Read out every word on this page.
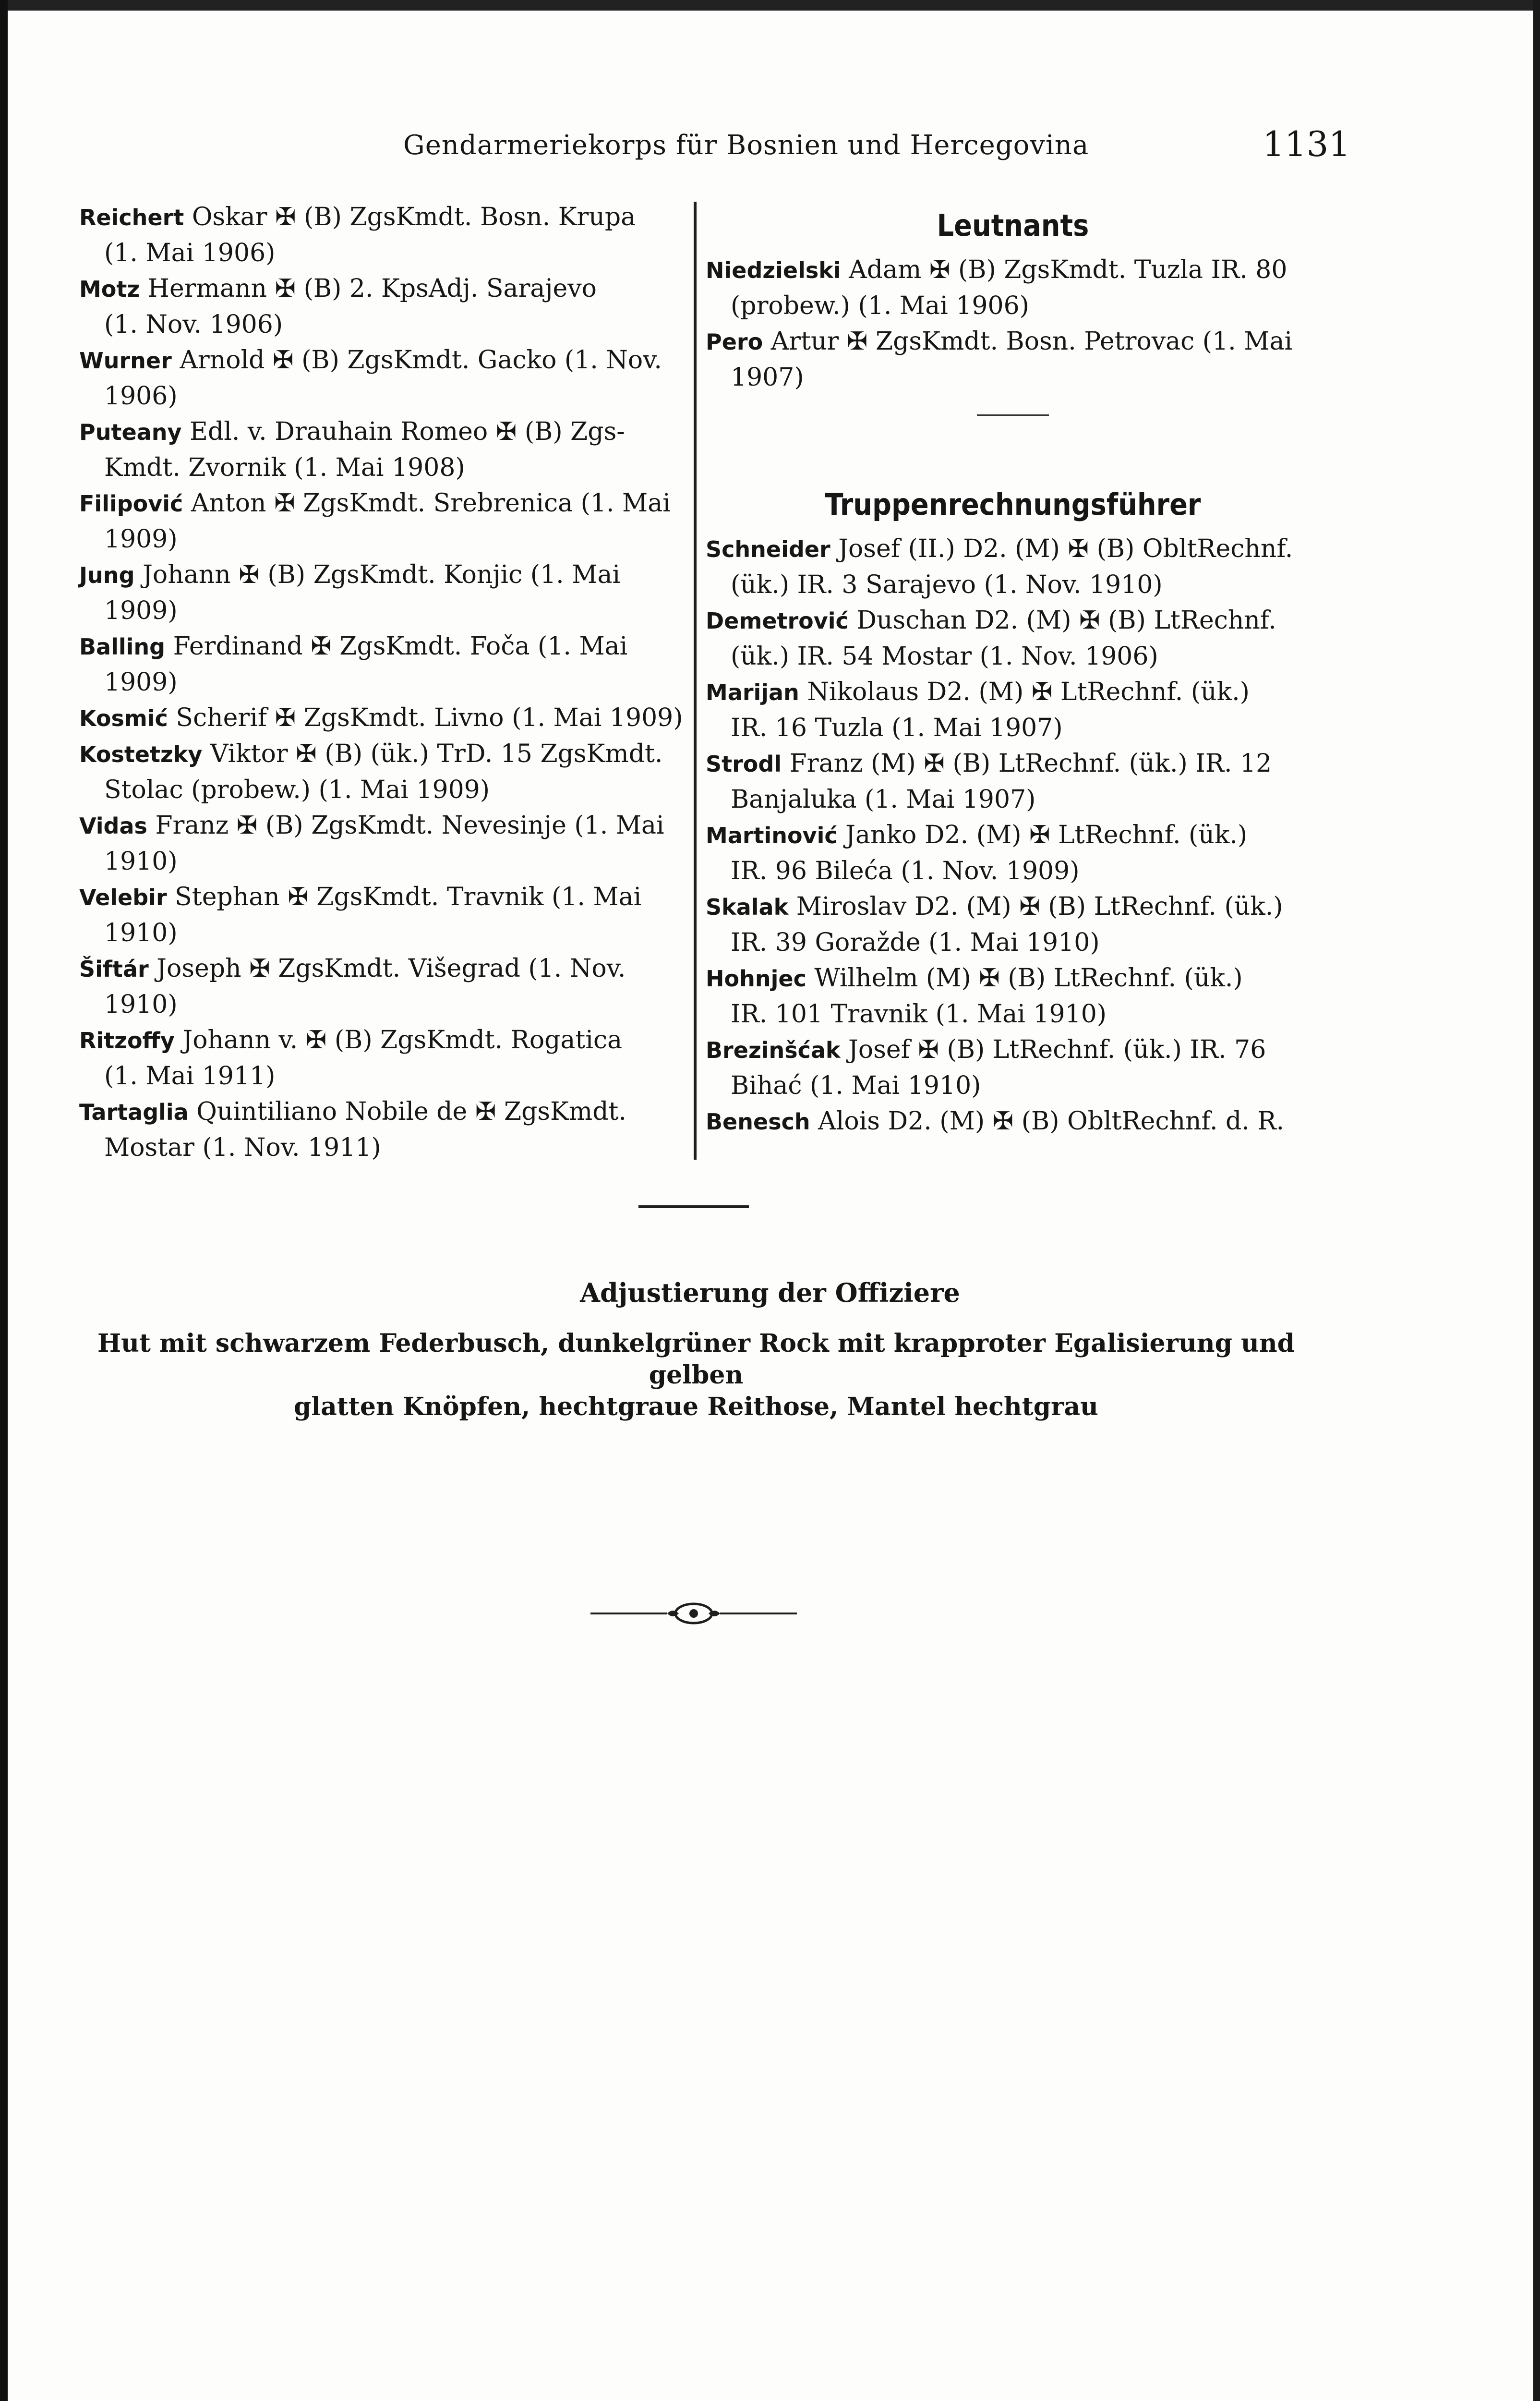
Gendarmeriekorps für Bosnien und Hercegovina	1131
Reichert Oskar ✠ (B) ZgsKmdt. Bosn. Krupa
(1. Mai 1906)
Motz Hermann ✠ (B) 2. KpsAdj. Sarajevo
(1. Nov. 1906)
Wurner Arnold ✠ (B) ZgsKmdt. Gacko (1. Nov.
1906)
Puteany Edl. v. Drauhain Romeo ✠ (B) Zgs-
Kmdt. Zvornik (1. Mai 1908)
Filipović Anton ✠ ZgsKmdt. Srebrenica (1. Mai
1909)
Jung Johann ✠ (B) ZgsKmdt. Konjic (1. Mai
1909)
Balling Ferdinand ✠ ZgsKmdt. Foča (1. Mai
1909)
Kosmić Scherif ✠ ZgsKmdt. Livno (1. Mai 1909)
Kostetzky Viktor ✠ (B) (ük.) TrD. 15 ZgsKmdt.
Stolac (probew.) (1. Mai 1909)
Vidas Franz ✠ (B) ZgsKmdt. Nevesinje (1. Mai
1910)
Velebir Stephan ✠ ZgsKmdt. Travnik (1. Mai
1910)
Šiftár Joseph ✠ ZgsKmdt. Višegrad (1. Nov.
1910)
Ritzoffy Johann v. ✠ (B) ZgsKmdt. Rogatica
(1. Mai 1911)
Tartaglia Quintiliano Nobile de ✠ ZgsKmdt.
Mostar (1. Nov. 1911)
Leutnants
Niedzielski Adam ✠ (B) ZgsKmdt. Tuzla IR. 80
(probew.) (1. Mai 1906)
Pero Artur ✠ ZgsKmdt. Bosn. Petrovac (1. Mai
1907)
Truppenrechnungsführer
Schneider Josef (II.) D2. (M) ✠ (B) ObltRechnf.
(ük.) IR. 3 Sarajevo (1. Nov. 1910)
Demetrović Duschan D2. (M) ✠ (B) LtRechnf.
(ük.) IR. 54 Mostar (1. Nov. 1906)
Marijan Nikolaus D2. (M) ✠ LtRechnf. (ük.)
IR. 16 Tuzla (1. Mai 1907)
Strodl Franz (M) ✠ (B) LtRechnf. (ük.) IR. 12
Banjaluka (1. Mai 1907)
Martinović Janko D2. (M) ✠ LtRechnf. (ük.)
IR. 96 Bileća (1. Nov. 1909)
Skalak Miroslav D2. (M) ✠ (B) LtRechnf. (ük.)
IR. 39 Goražde (1. Mai 1910)
Hohnjec Wilhelm (M) ✠ (B) LtRechnf. (ük.)
IR. 101 Travnik (1. Mai 1910)
Brezinšćak Josef ✠ (B) LtRechnf. (ük.) IR. 76
Bihać (1. Mai 1910)
Benesch Alois D2. (M) ✠ (B) ObltRechnf. d. R.
Adjustierung der Offiziere
Hut mit schwarzem Federbusch, dunkelgrüner Rock mit krapproter Egalisierung und gelben
glatten Knöpfen, hechtgraue Reithose, Mantel hechtgrau
